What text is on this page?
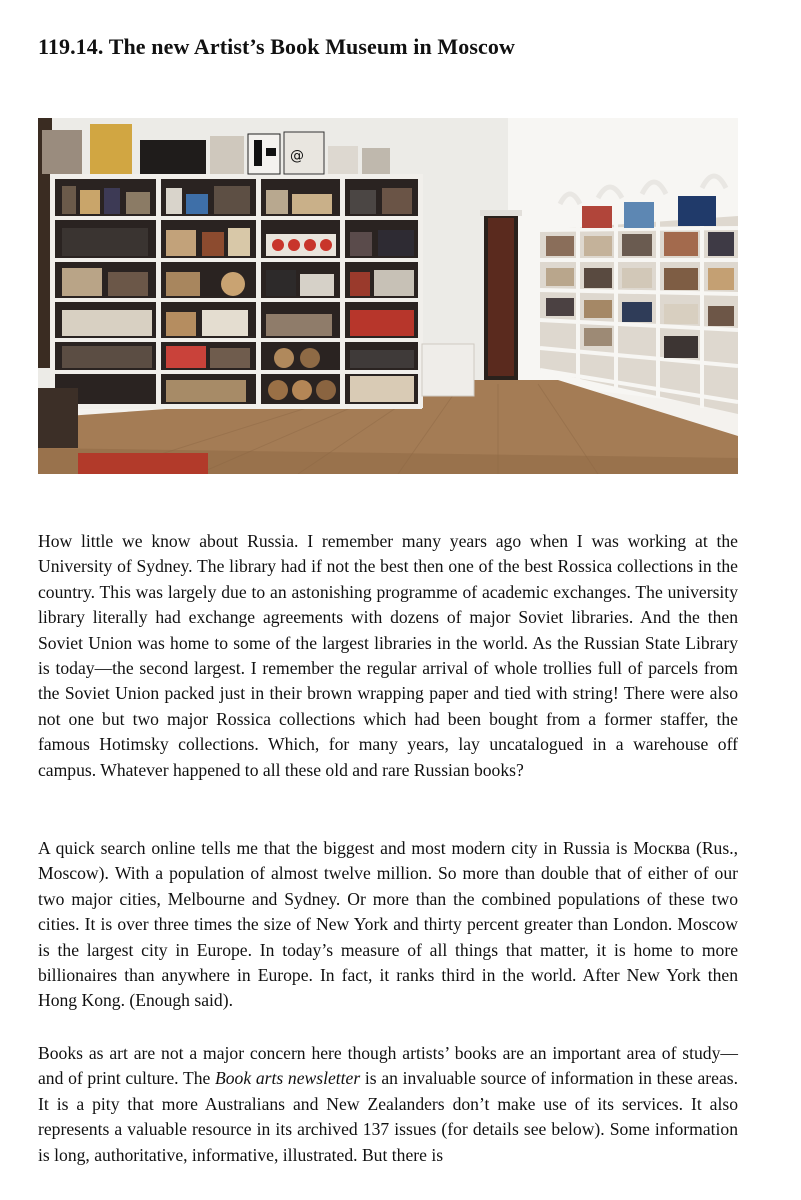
119.14. The new Artist’s Book Museum in Moscow
@

How little we know about Russia. I remember many years ago when I was working at the University of Sydney. The library had if not the best then one of the best Rossica collections in the country. This was largely due to an astonishing programme of academic exchanges. The university library literally had exchange agreements with dozens of major Soviet libraries. And the then Soviet Union was home to some of the largest libraries in the world. As the Russian State Library is today—the second largest. I remember the regular arrival of whole trollies full of parcels from the Soviet Union packed just in their brown wrapping paper and tied with string! There were also not one but two major Rossica collections which had been bought from a former staffer, the famous Hotimsky collections. Which, for many years, lay uncatalogued in a warehouse off campus. Whatever happened to all these old and rare Russian books?

A quick search online tells me that the biggest and most modern city in Russia is Москва (Rus., Moscow). With a population of almost twelve million. So more than double that of either of our two major cities, Melbourne and Sydney. Or more than the combined populations of these two cities. It is over three times the size of New York and thirty percent greater than London. Moscow is the largest city in Europe. In today’s measure of all things that matter, it is home to more billionaires than anywhere in Europe. In fact, it ranks third in the world. After New York then Hong Kong. (Enough said).

Books as art are not a major concern here though artists’ books are an important area of study—and of print culture. The Book arts newsletter is an invaluable source of information in these areas. It is a pity that more Australians and New Zealanders don’t make use of its services. It also represents a valuable resource in its archived 137 issues (for details see below). Some information is long, authoritative, informative, illustrated. But there is
